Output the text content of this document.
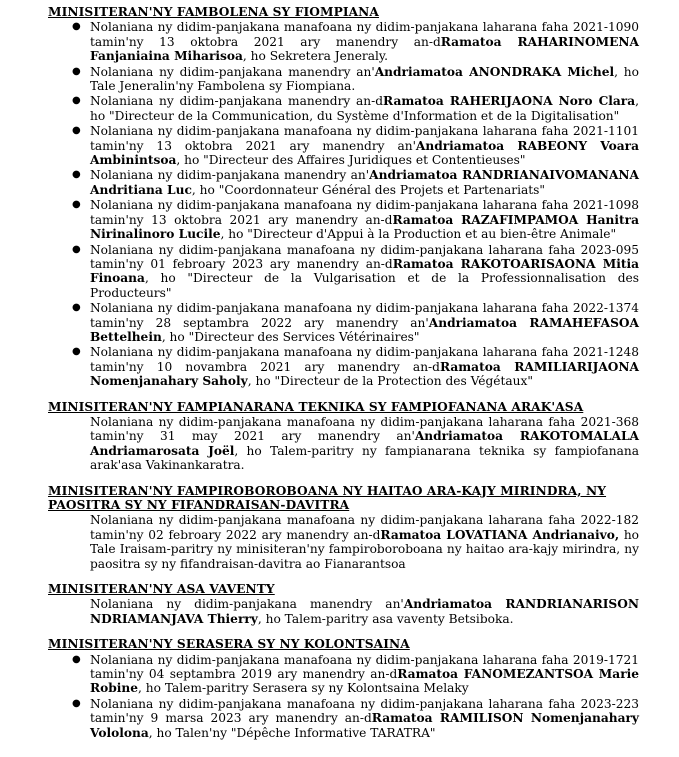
MINISITERAN'NY FAMBOLENA SY FIOMPIANA
● Nolaniana ny didim-panjakana manafoana ny didim-panjakana laharana faha 2021-1090 tamin'ny 13 oktobra 2021 ary manendry an-dRamatoa RAHARINOMENA Fanjaniaina Miharisoa, ho Sekretera Jeneraly.
● Nolaniana ny didim-panjakana manendry an'Andriamatoa ANONDRAKA Michel, ho Tale Jeneralin'ny Fambolena sy Fiompiana.
● Nolaniana ny didim-panjakana manendry an-dRamatoa RAHERIJAONA Noro Clara, ho "Directeur de la Communication, du Système d'Information et de la Digitalisation"
● Nolaniana ny didim-panjakana manafoana ny didim-panjakana laharana faha 2021-1101 tamin'ny 13 oktobra 2021 ary manendry an'Andriamatoa RABEONY Voara Ambinintsoa, ho "Directeur des Affaires Juridiques et Contentieuses"
● Nolaniana ny didim-panjakana manendry an'Andriamatoa RANDRIANAIVOMANANA Andritiana Luc, ho "Coordonnateur Général des Projets et Partenariats"
● Nolaniana ny didim-panjakana manafoana ny didim-panjakana laharana faha 2021-1098 tamin'ny 13 oktobra 2021 ary manendry an-dRamatoa RAZAFIMPAMOA Hanitra Nirinalinoro Lucile, ho "Directeur d'Appui à la Production et au bien-être Animale"
● Nolaniana ny didim-panjakana manafoana ny didim-panjakana laharana faha 2023-095 tamin'ny 01 febroary 2023 ary manendry an-dRamatoa RAKOTOARISAONA Mitia Finoana, ho "Directeur de la Vulgarisation et de la Professionnalisation des Producteurs"
● Nolaniana ny didim-panjakana manafoana ny didim-panjakana laharana faha 2022-1374 tamin'ny 28 septambra 2022 ary manendry an'Andriamatoa RAMAHEFASOA Bettelhein, ho "Directeur des Services Vétérinaires"
● Nolaniana ny didim-panjakana manafoana ny didim-panjakana laharana faha 2021-1248 tamin'ny 10 novambra 2021 ary manendry an-dRamatoa RAMILIARIJAONA Nomenjanahary Saholy, ho "Directeur de la Protection des Végétaux"
MINISITERAN'NY FAMPIANARANA TEKNIKA SY FAMPIOFANANA ARAK'ASA
Nolaniana ny didim-panjakana manafoana ny didim-panjakana laharana faha 2021-368 tamin'ny 31 may 2021 ary manendry an'Andriamatoa RAKOTOMALALA Andriamarosata Joël, ho Talem-paritry ny fampianarana teknika sy fampiofanana arak'asa Vakinankaratra.
MINISITERAN'NY FAMPIROBOROBOANA NY HAITAO ARA-KAJY MIRINDRA, NY PAOSITRA SY NY FIFANDRAISAN-DAVITRA
Nolaniana ny didim-panjakana manafoana ny didim-panjakana laharana faha 2022-182 tamin'ny 02 febroary 2022 ary manendry an-dRamatoa LOVATIANA Andrianaivo, ho Tale Iraisam-paritry ny minisiteran'ny fampiroboroboana ny haitao ara-kajy mirindra, ny paositra sy ny fifandraisan-davitra ao Fianarantsoa
MINISITERAN'NY ASA VAVENTY
Nolaniana ny didim-panjakana manendry an'Andriamatoa RANDRIANARISON NDRIAMANJAVA Thierry, ho Talem-paritry asa vaventy Betsiboka.
MINISITERAN'NY SERASERA SY NY KOLONTSAINA
● Nolaniana ny didim-panjakana manafoana ny didim-panjakana laharana faha 2019-1721 tamin'ny 04 septambra 2019 ary manendry an-dRamatoa FANOMEZANTSOA Marie Robine, ho Talem-paritry Serasera sy ny Kolontsaina Melaky
● Nolaniana ny didim-panjakana manafoana ny didim-panjakana laharana faha 2023-223 tamin'ny 9 marsa 2023 ary manendry an-dRamatoa RAMILISON Nomenjanahary Vololona, ho Talen'ny "Dépêche Informative TARATRA"
